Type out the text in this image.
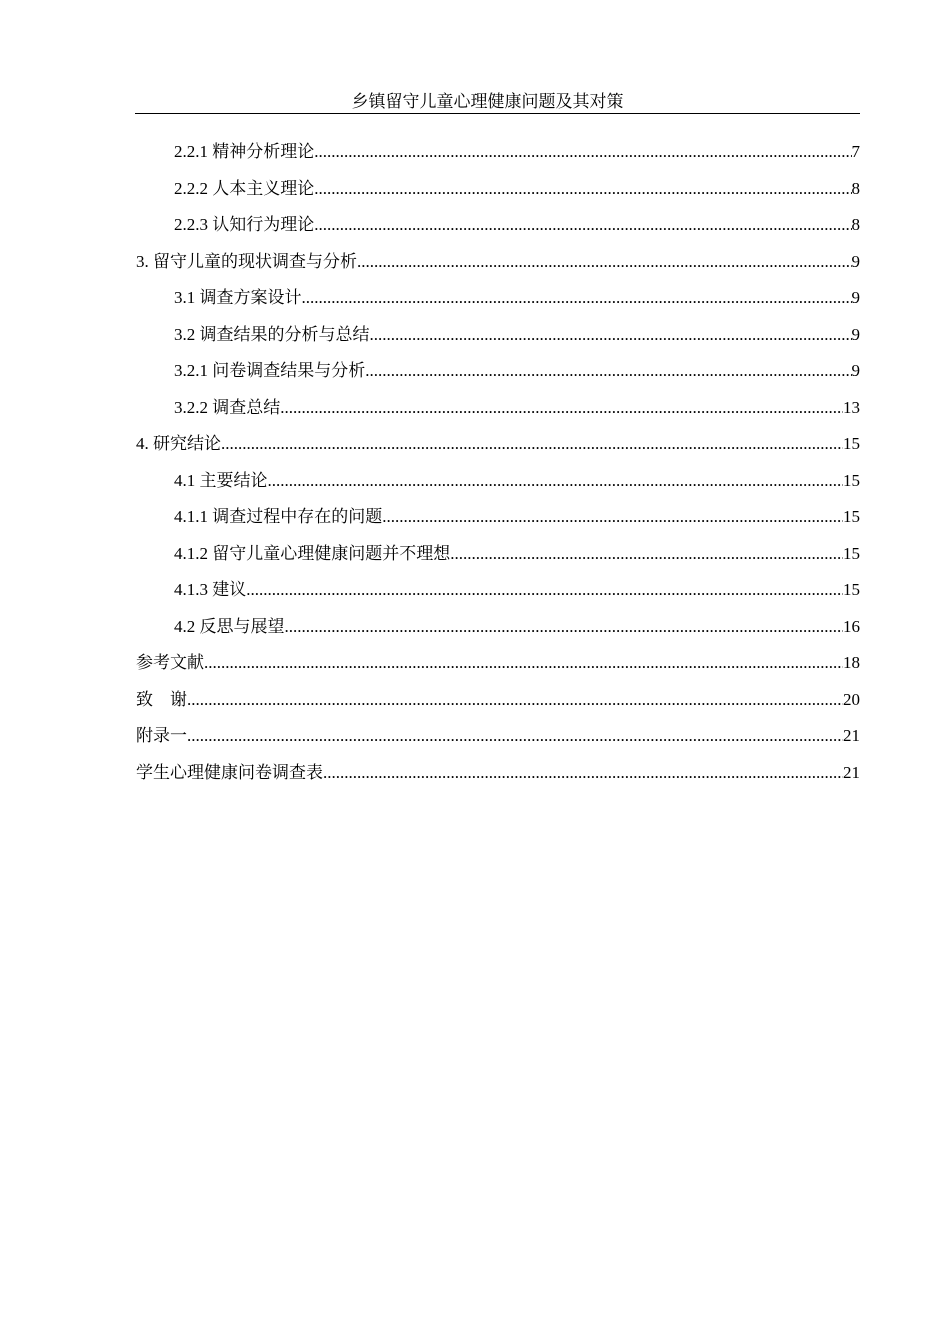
乡镇留守儿童心理健康问题及其对策
2.2.1 精神分析理论 .....	7
2.2.2 人本主义理论 .....	8
2.2.3 认知行为理论 .....	8
3. 留守儿童的现状调查与分析 .....	9
3.1 调查方案设计 .....	9
3.2 调查结果的分析与总结 .....	9
3.2.1 问卷调查结果与分析 .....	9
3.2.2 调查总结 .....	13
4. 研究结论 .....	15
4.1 主要结论 .....	15
4.1.1 调查过程中存在的问题 .....	15
4.1.2 留守儿童心理健康问题并不理想 .....	15
4.1.3 建议 .....	15
4.2 反思与展望 .....	16
参考文献 .....	18
致　谢 .....	20
附录一 .....	21
学生心理健康问卷调查表 .....	21
